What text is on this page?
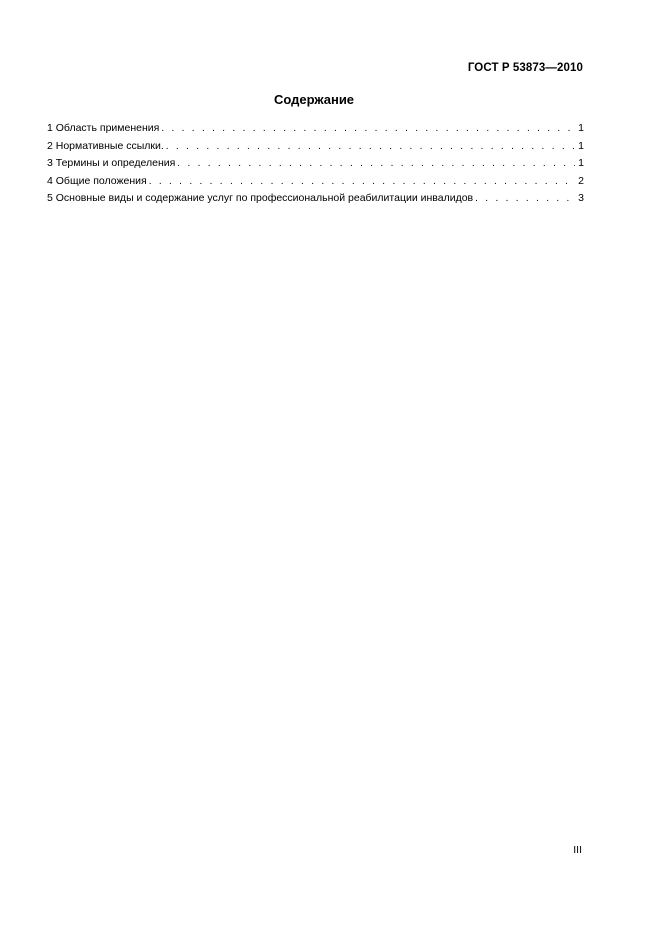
ГОСТ Р 53873—2010
Содержание
1 Область применения . . .	1
2 Нормативные ссылки. . . .	1
3 Термины и определения . . .	1
4 Общие положения . . .	2
5 Основные виды и содержание услуг по профессиональной реабилитации инвалидов . . .	3
III
